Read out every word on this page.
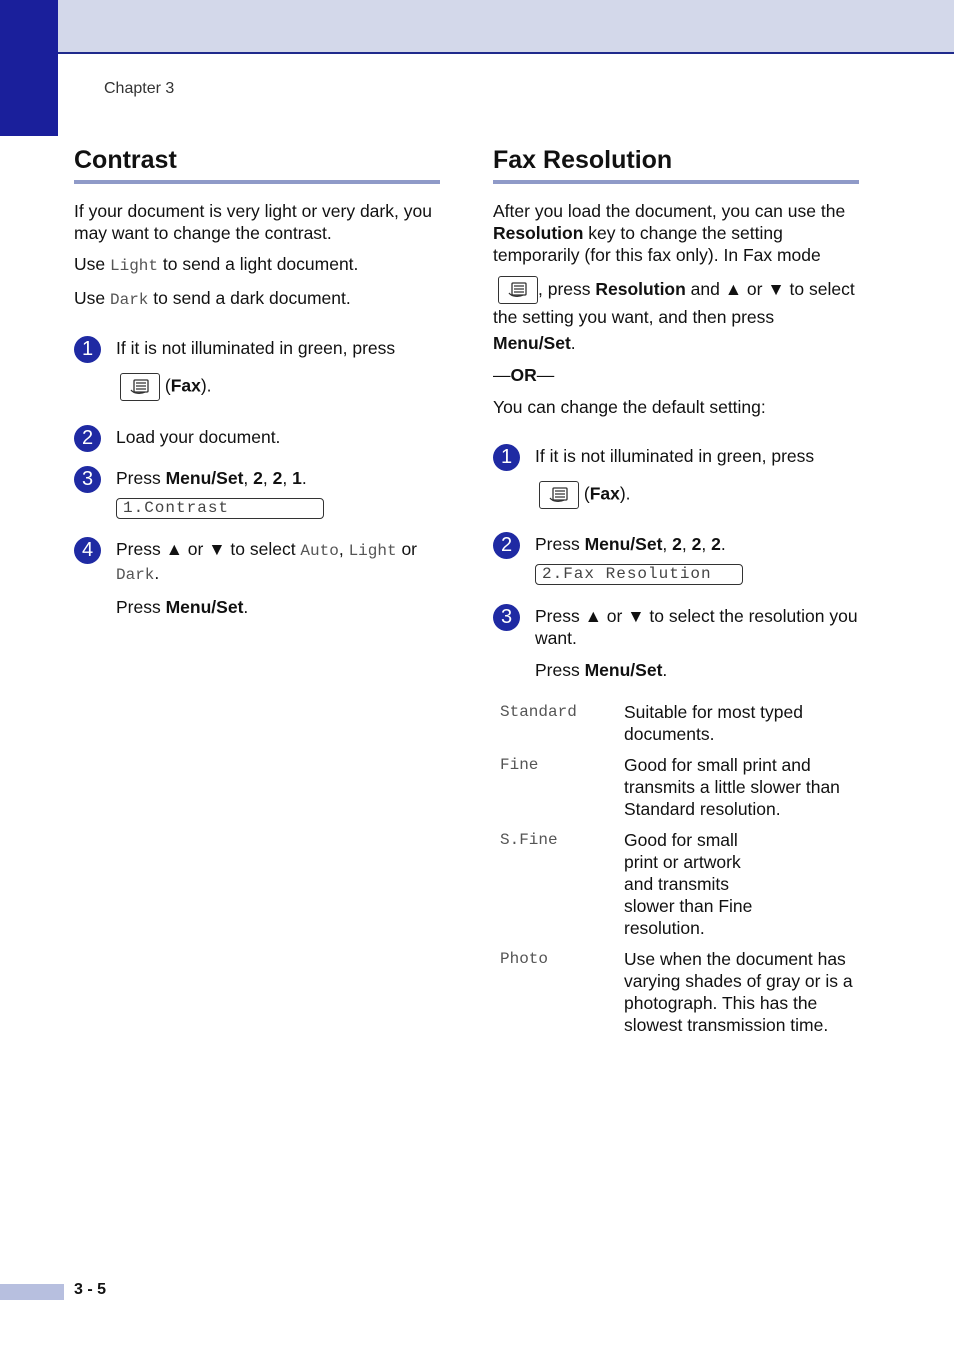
Chapter 3
Contrast

If your document is very light or very dark, you may want to change the contrast.

Use Light to send a light document.

Use Dark to send a dark document.

1	If it is not illuminated in green, press

(Fax).

2	Load your document.

3	Press Menu/Set, 2, 2, 1.

1.Contrast
4	Press ▲ or ▼ to select Auto, Light or Dark.

Press Menu/Set.

Fax Resolution

After you load the document, you can use the Resolution key to change the setting temporarily (for this fax only). In Fax mode

, press Resolution and ▲ or ▼ to select the setting you want, and then press Menu/Set.

—OR—

You can change the default setting:

1	If it is not illuminated in green, press

(Fax).

2	Press Menu/Set, 2, 2, 2.

2.Fax Resolution
3	Press ▲ or ▼ to select the resolution you want.

Press Menu/Set.

Standard	Suitable for most typed documents.
Fine	Good for small print and transmits a little slower than Standard resolution.
S.Fine	Good for small print or artwork and transmits slower than Fine resolution.
Photo	Use when the document has varying shades of gray or is a photograph. This has the slowest transmission time.
3 - 5
